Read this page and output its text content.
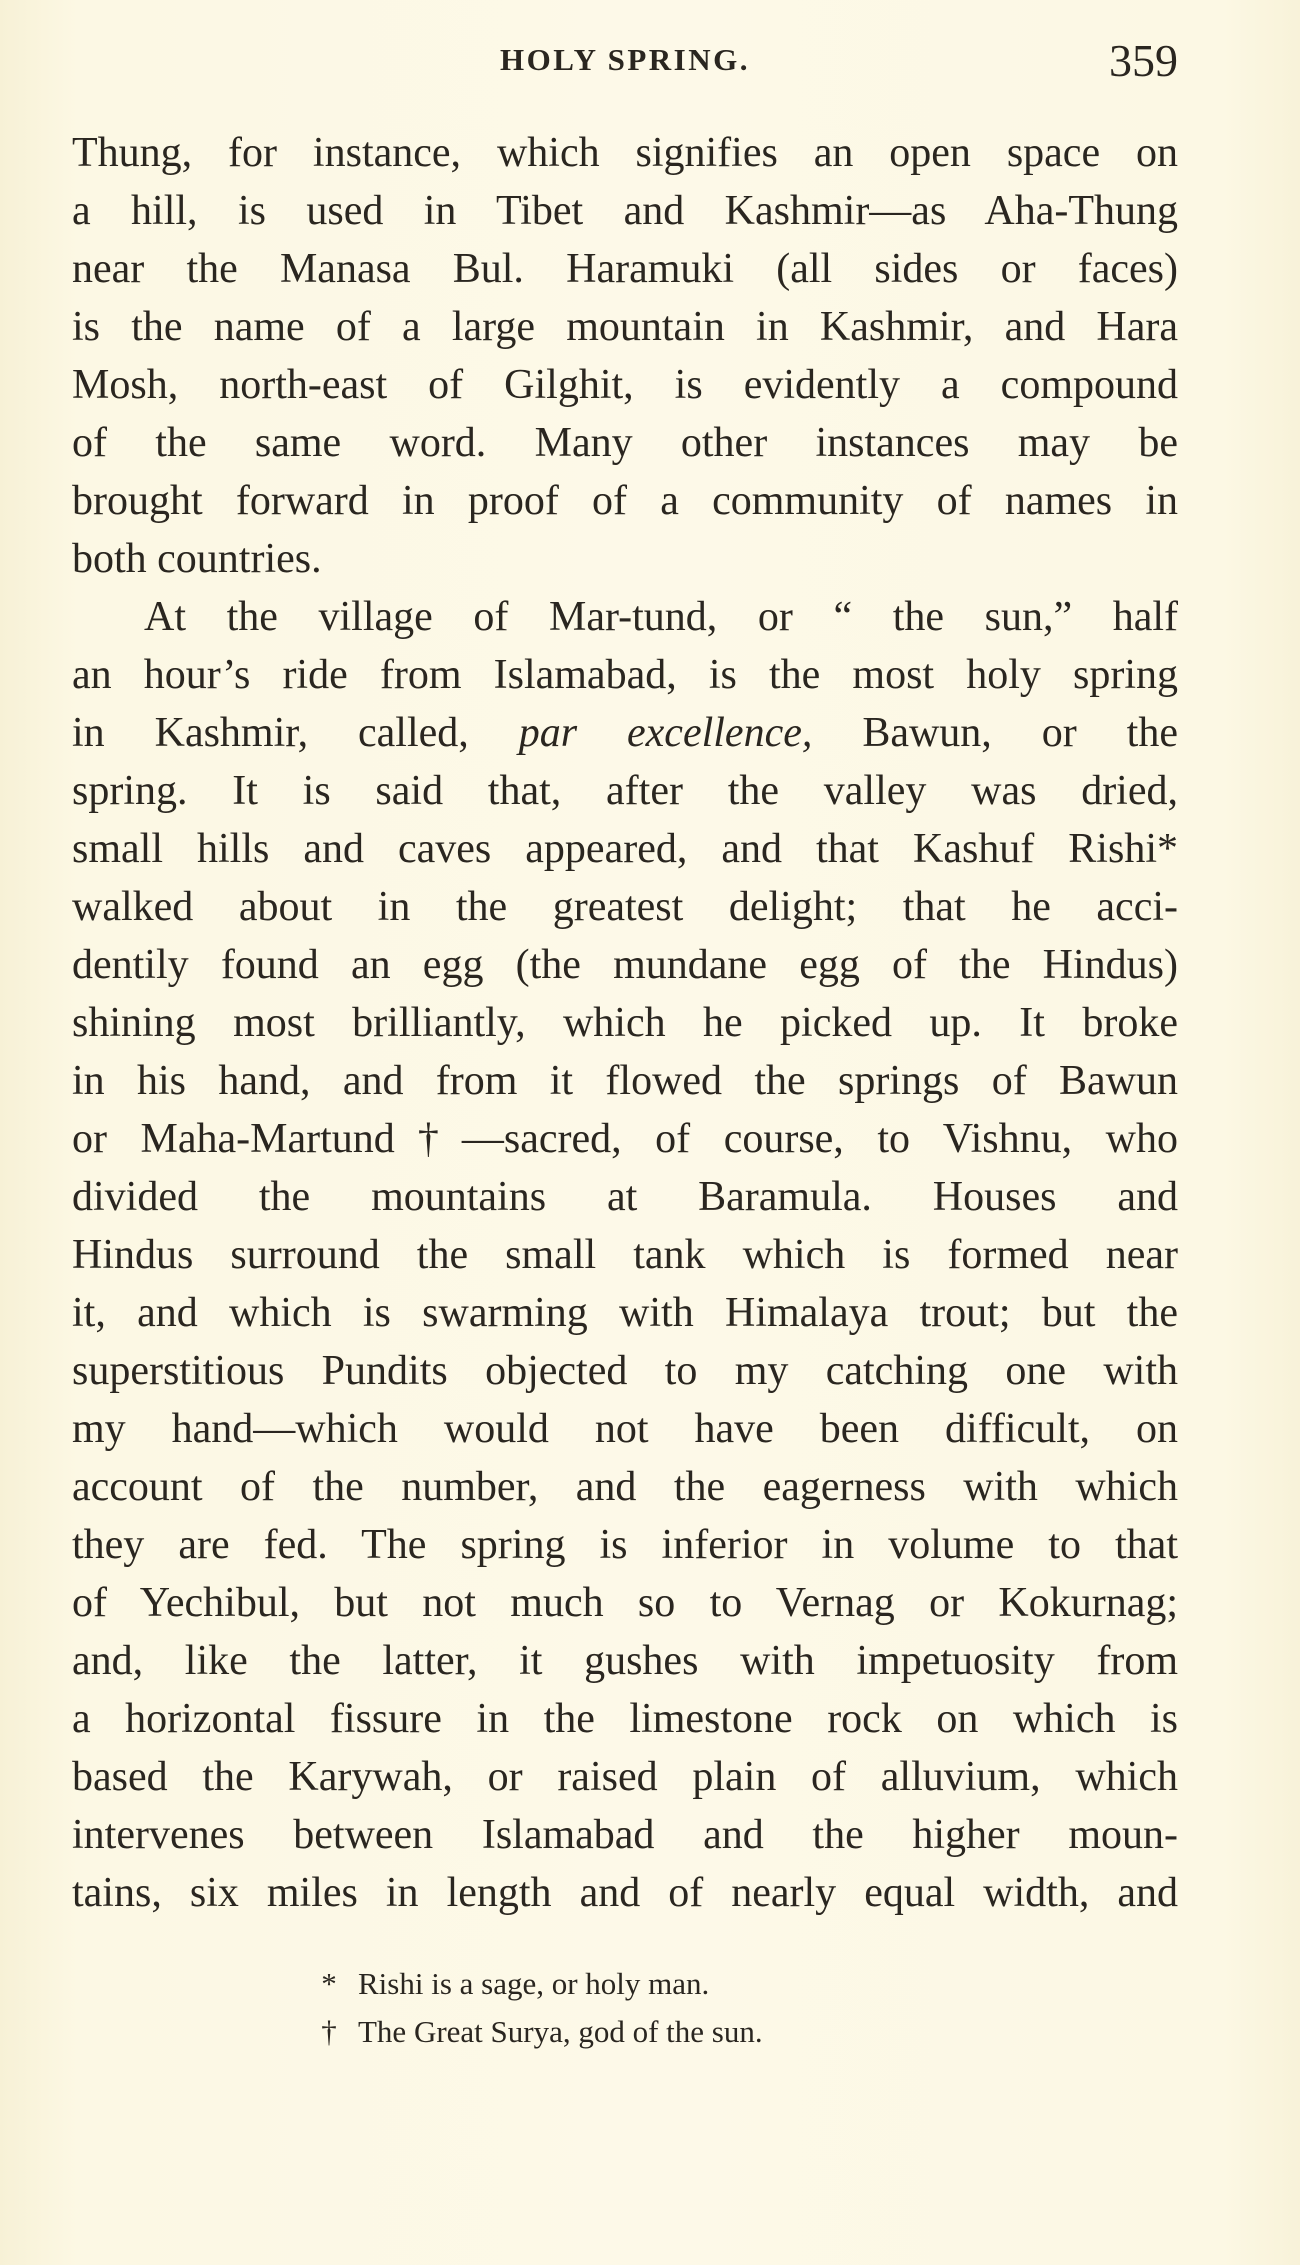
HOLY SPRING.	359
Thung, for instance, which signifies an open space on
a hill, is used in Tibet and Kashmir—as Aha-Thung
near the Manasa Bul. Haramuki (all sides or faces)
is the name of a large mountain in Kashmir, and Hara
Mosh, north-east of Gilghit, is evidently a compound
of the same word. Many other instances may be
brought forward in proof of a community of names in
both countries.
At the village of Mar-tund, or “ the sun,” half
an hour’s ride from Islamabad, is the most holy spring
in Kashmir, called, par excellence, Bawun, or the
spring. It is said that, after the valley was dried,
small hills and caves appeared, and that Kashuf Rishi*
walked about in the greatest delight; that he acci-
dentily found an egg (the mundane egg of the Hindus)
shining most brilliantly, which he picked up. It broke
in his hand, and from it flowed the springs of Bawun
or Maha-Martund†—sacred, of course, to Vishnu, who
divided the mountains at Baramula. Houses and
Hindus surround the small tank which is formed near
it, and which is swarming with Himalaya trout; but the
superstitious Pundits objected to my catching one with
my hand—which would not have been difficult, on
account of the number, and the eagerness with which
they are fed. The spring is inferior in volume to that
of Yechibul, but not much so to Vernag or Kokurnag;
and, like the latter, it gushes with impetuosity from
a horizontal fissure in the limestone rock on which is
based the Karywah, or raised plain of alluvium, which
intervenes between Islamabad and the higher moun-
tains, six miles in length and of nearly equal width, and
* Rishi is a sage, or holy man.
† The Great Surya, god of the sun.
